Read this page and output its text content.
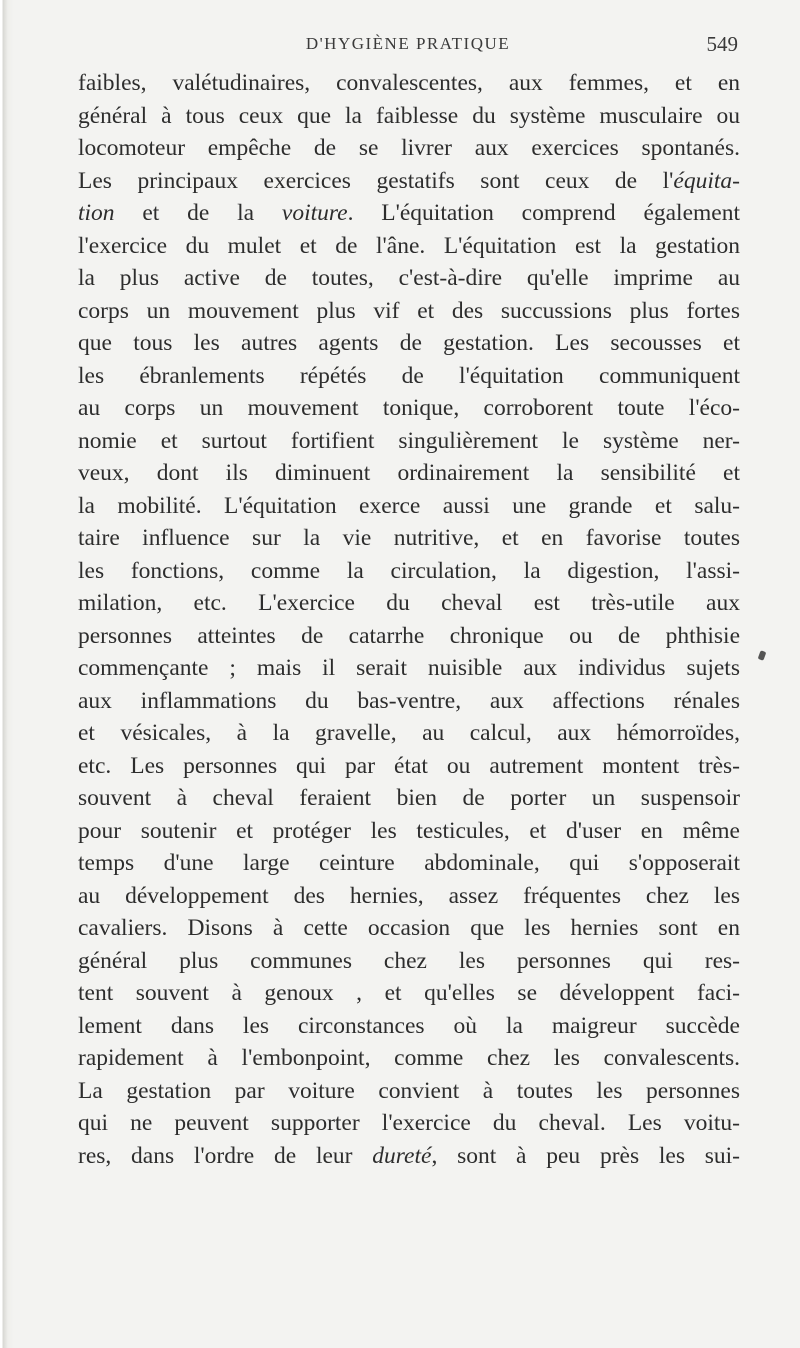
D'HYGIÈNE PRATIQUE	549
faibles, valétudinaires, convalescentes, aux femmes, et en
général à tous ceux que la faiblesse du système musculaire ou
locomoteur empêche de se livrer aux exercices spontanés.
Les principaux exercices gestatifs sont ceux de l'équita-
tion et de la voiture. L'équitation comprend également
l'exercice du mulet et de l'âne. L'équitation est la gestation
la plus active de toutes, c'est-à-dire qu'elle imprime au
corps un mouvement plus vif et des succussions plus fortes
que tous les autres agents de gestation. Les secousses et
les ébranlements répétés de l'équitation communiquent
au corps un mouvement tonique, corroborent toute l'éco-
nomie et surtout fortifient singulièrement le système ner-
veux, dont ils diminuent ordinairement la sensibilité et
la mobilité. L'équitation exerce aussi une grande et salu-
taire influence sur la vie nutritive, et en favorise toutes
les fonctions, comme la circulation, la digestion, l'assi-
milation, etc. L'exercice du cheval est très-utile aux
personnes atteintes de catarrhe chronique ou de phthisie
commençante ; mais il serait nuisible aux individus sujets
aux inflammations du bas-ventre, aux affections rénales
et vésicales, à la gravelle, au calcul, aux hémorroïdes,
etc. Les personnes qui par état ou autrement montent très-
souvent à cheval feraient bien de porter un suspensoir
pour soutenir et protéger les testicules, et d'user en même
temps d'une large ceinture abdominale, qui s'opposerait
au développement des hernies, assez fréquentes chez les
cavaliers. Disons à cette occasion que les hernies sont en
général plus communes chez les personnes qui res-
tent souvent à genoux , et qu'elles se développent faci-
lement dans les circonstances où la maigreur succède
rapidement à l'embonpoint, comme chez les convalescents.
La gestation par voiture convient à toutes les personnes
qui ne peuvent supporter l'exercice du cheval. Les voitu-
res, dans l'ordre de leur dureté, sont à peu près les sui-
